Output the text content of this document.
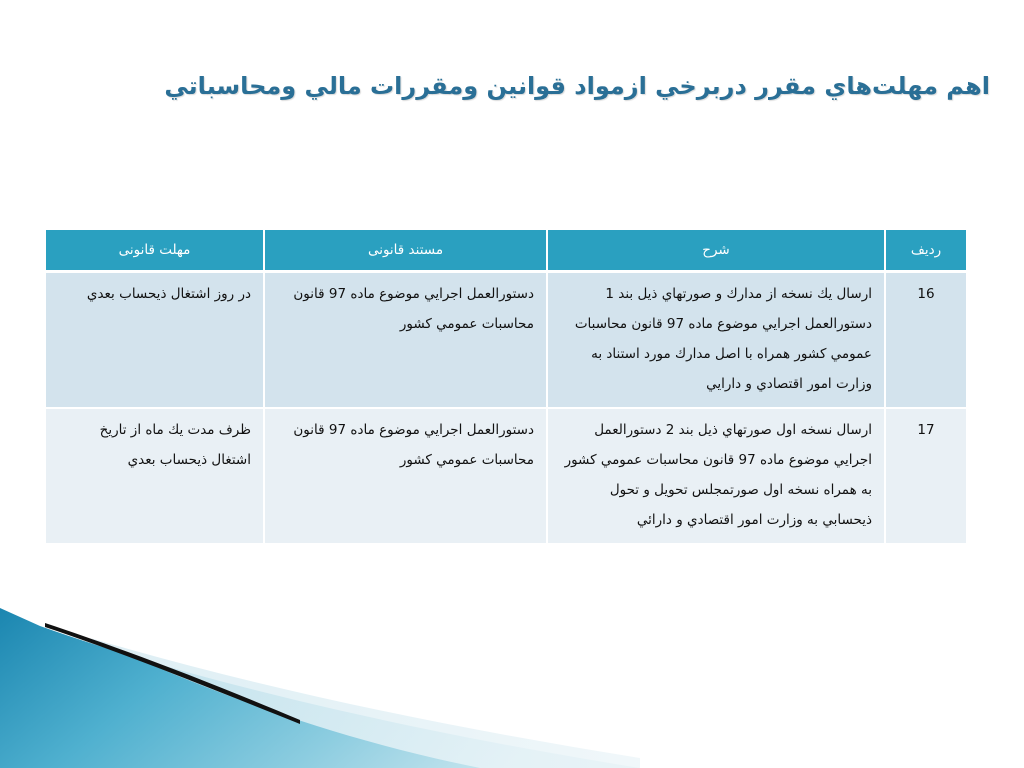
اهم مهلت‌هاي مقرر دربرخي ازمواد قوانين ومقررات مالي ومحاسباتي
رديف	شرح	مستند قانونی	مهلت قانونی
16	ارسال يك نسخه از مدارك و صورتهاي ذيل بند 1 دستورالعمل اجرايي موضوع ماده 97 قانون محاسبات عمومي كشور همراه با اصل مدارك مورد استناد به وزارت امور اقتصادي و دارايي	دستورالعمل اجرايي موضوع ماده 97 قانون محاسبات عمومي كشور	در روز اشتغال ذيحساب بعدي
17	ارسال نسخه اول صورتهاي ذيل بند 2 دستورالعمل اجرايي موضوع ماده 97 قانون محاسبات عمومي كشور به همراه نسخه اول صورتمجلس تحويل و تحول ذيحسابي به وزارت امور اقتصادي و دارائي	دستورالعمل اجرايي موضوع ماده 97 قانون محاسبات عمومي كشور	ظرف مدت يك ماه از تاريخ اشتغال ذيحساب بعدي
